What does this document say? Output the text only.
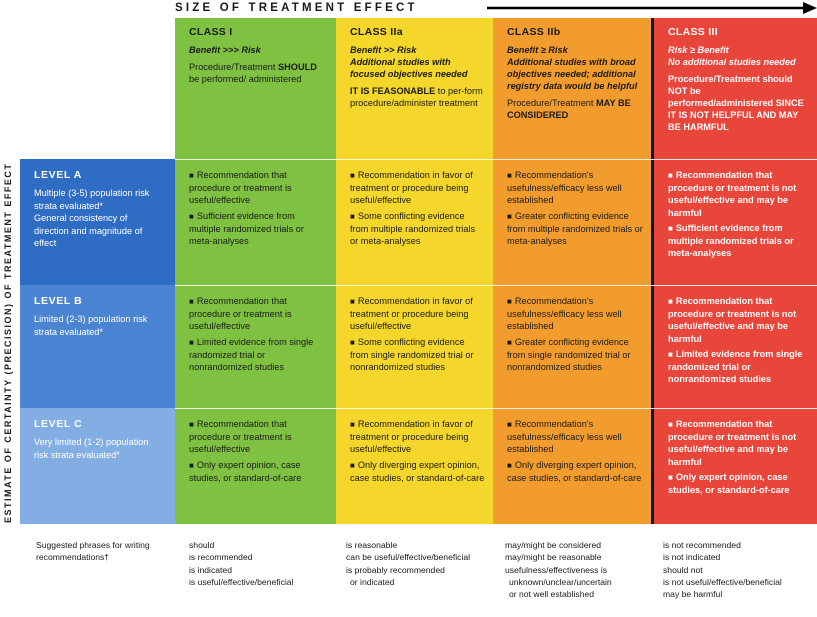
SIZE OF TREATMENT EFFECT
ESTIMATE OF CERTAINTY (PRECISION) OF TREATMENT EFFECT
CLASS I
Benefit >>> Risk
Procedure/Treatment SHOULD be performed/ administered
CLASS IIa
Benefit >> Risk
Additional studies with focused objectives needed
IT IS FEASONABLE to per-form procedure/administer treatment
CLASS IIb
Benefit ≥ Risk
Additional studies with broad objectives needed; additional registry data would be helpful
Procedure/Treatment MAY BE CONSIDERED
CLASS III
Risk ≥ Benefit
No additional studies needed
Procedure/Treatment should NOT be performed/administered SINCE IT IS NOT HELPFUL AND MAY BE HARMFUL
LEVEL A
Multiple (3-5) population risk strata evaluated*
General consistency of direction and magnitude of effect
LEVEL B
Limited (2-3) population risk strata evaluated*
LEVEL C
Very limited (1-2) population risk strata evaluated*
■ Recommendation that procedure or treatment is useful/effective
■ Sufficient evidence from multiple randomized trials or meta-analyses
■ Recommendation in favor of treatment or procedure being useful/effective
■ Some conflicting evidence from multiple randomized trials or meta-analyses
■ Recommendation's usefulness/efficacy less well established
■ Greater conflicting evidence from multiple randomized trials or meta-analyses
■ Recommendation that procedure or treatment is not useful/effective and may be harmful
■ Sufficient evidence from multiple randomized trials or meta-analyses
■ Recommendation that procedure or treatment is useful/effective
■ Limited evidence from single randomized trial or nonrandomized studies
■ Recommendation in favor of treatment or procedure being useful/effective
■ Some conflicting evidence from single randomized trial or nonrandomized studies
■ Recommendation's usefulness/efficacy less well established
■ Greater conflicting evidence from single randomized trial or nonrandomized studies
■ Recommendation that procedure or treatment is not useful/effective and may be harmful
■ Limited evidence from single randomized trial or nonrandomized studies
■ Recommendation that procedure or treatment is useful/effective
■ Only expert opinion, case studies, or standard-of-care
■ Recommendation in favor of treatment or procedure being useful/effective
■ Only diverging expert opinion, case studies, or standard-of-care
■ Recommendation's usefulness/efficacy less well established
■ Only diverging expert opinion, case studies, or standard-of-care
■ Recommendation that procedure or treatment is not useful/effective and may be harmful
■ Only expert opinion, case studies, or standard-of-care
Suggested phrases for writing recommendations†
should
is recommended
is indicated
is useful/effective/beneficial
is reasonable
can be useful/effective/beneficial
is probably recommended
or indicated
may/might be considered
may/might be reasonable
usefulness/effectiveness is
unknown/unclear/uncertain
or not well established
is not recommended
is not indicated
should not
is not useful/effective/beneficial
may be harmful
